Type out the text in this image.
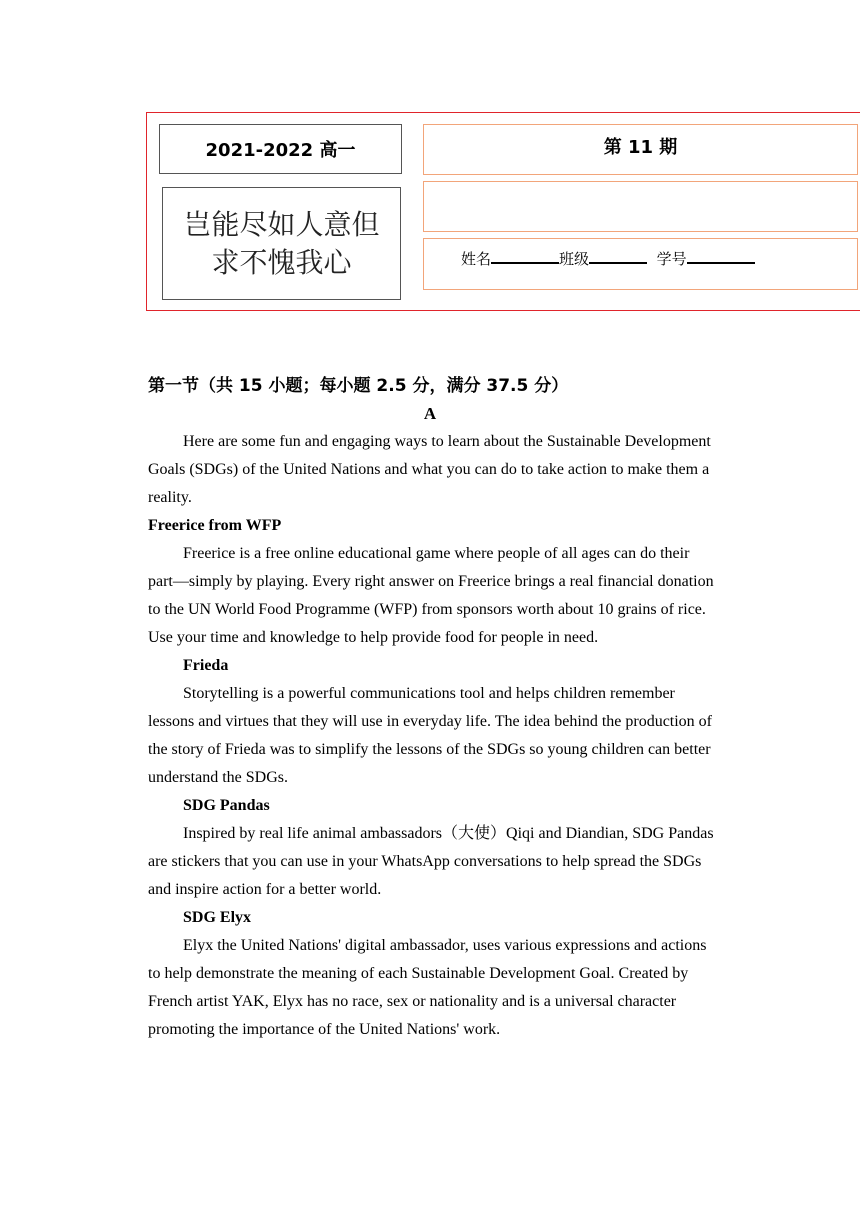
2021-2022 高一
岂能尽如人意但求不愧我心
第 11 期
姓名	班级	学号
第一节（共 15 小题；每小题 2.5 分，满分 37.5 分）
A

Here are some fun and engaging ways to learn about the Sustainable Development Goals (SDGs) of the United Nations and what you can do to take action to make them a reality.

Freerice from WFP

Freerice is a free online educational game where people of all ages can do their part—simply by playing. Every right answer on Freerice brings a real financial donation to the UN World Food Programme (WFP) from sponsors worth about 10 grains of rice. Use your time and knowledge to help provide food for people in need.

Frieda

Storytelling is a powerful communications tool and helps children remember lessons and virtues that they will use in everyday life. The idea behind the production of the story of Frieda was to simplify the lessons of the SDGs so young children can better understand the SDGs.

SDG Pandas

Inspired by real life animal ambassadors（大使）Qiqi and Diandian, SDG Pandas are stickers that you can use in your WhatsApp conversations to help spread the SDGs and inspire action for a better world.

SDG Elyx

Elyx the United Nations' digital ambassador, uses various expressions and actions to help demonstrate the meaning of each Sustainable Development Goal. Created by French artist YAK, Elyx has no race, sex or nationality and is a universal character promoting the importance of the United Nations' work.
